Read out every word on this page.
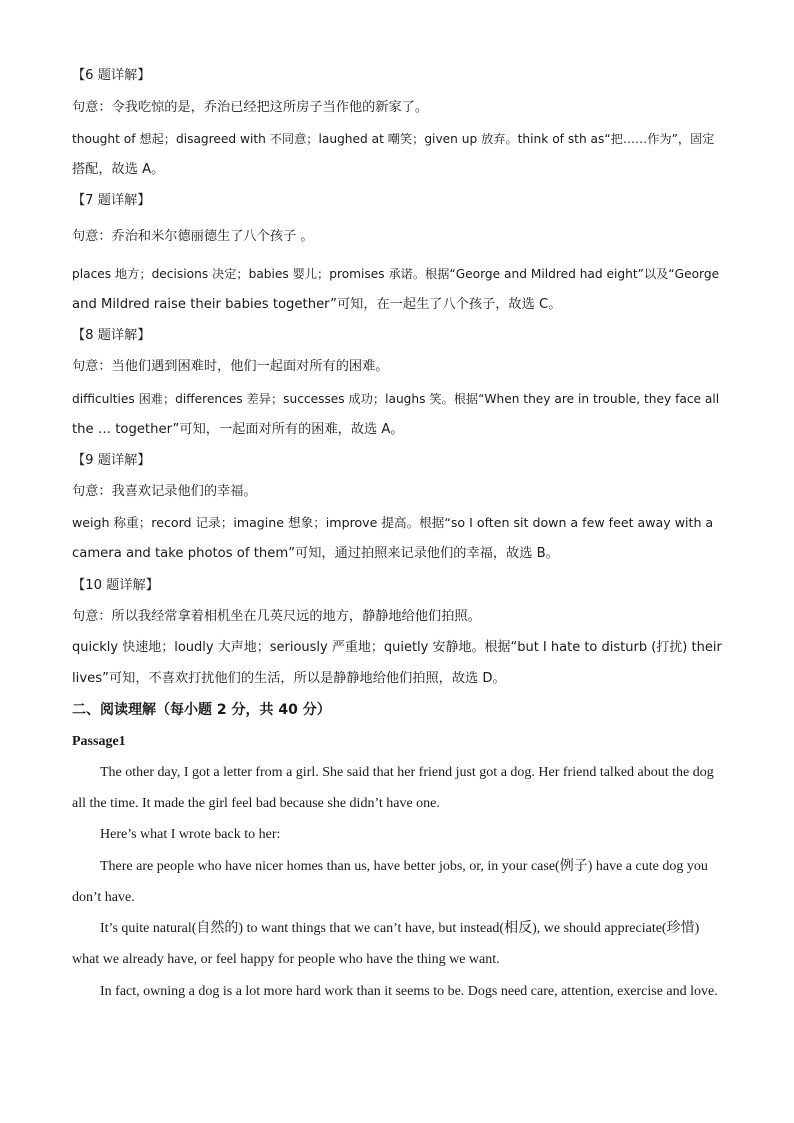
【6 题详解】
句意：令我吃惊的是，乔治已经把这所房子当作他的新家了。
thought of 想起；disagreed with 不同意；laughed at 嘲笑；given up 放弃。think of sth as“把……作为”，固定
搭配，故选 A。
【7 题详解】
句意：乔治和米尔德丽德生了八个孩子 。
places 地方；decisions 决定；babies 婴儿；promises 承诺。根据“George and Mildred had eight”以及“George
and Mildred raise their babies together”可知，在一起生了八个孩子，故选 C。
【8 题详解】
句意：当他们遇到困难时，他们一起面对所有的困难。
difficulties 困难；differences 差异；successes 成功；laughs 笑。根据“When they are in trouble, they face all
the … together”可知，一起面对所有的困难，故选 A。
【9 题详解】
句意：我喜欢记录他们的幸福。
weigh 称重；record 记录；imagine 想象；improve 提高。根据“so I often sit down a few feet away with a
camera and take photos of them”可知，通过拍照来记录他们的幸福，故选 B。
【10 题详解】
句意：所以我经常拿着相机坐在几英尺远的地方，静静地给他们拍照。
quickly 快速地；loudly 大声地；seriously 严重地；quietly 安静地。根据“but I hate to disturb (打扰) their
lives”可知，不喜欢打扰他们的生活，所以是静静地给他们拍照，故选 D。
二、阅读理解（每小题 2 分，共 40 分）
Passage1
The other day, I got a letter from a girl. She said that her friend just got a dog. Her friend talked about the dog
all the time. It made the girl feel bad because she didn’t have one.
Here’s what I wrote back to her:
There are people who have nicer homes than us, have better jobs, or, in your case(例子) have a cute dog you
don’t have.
It’s quite natural(自然的) to want things that we can’t have, but instead(相反), we should appreciate(珍惜)
what we already have, or feel happy for people who have the thing we want.
In fact, owning a dog is a lot more hard work than it seems to be. Dogs need care, attention, exercise and love.
